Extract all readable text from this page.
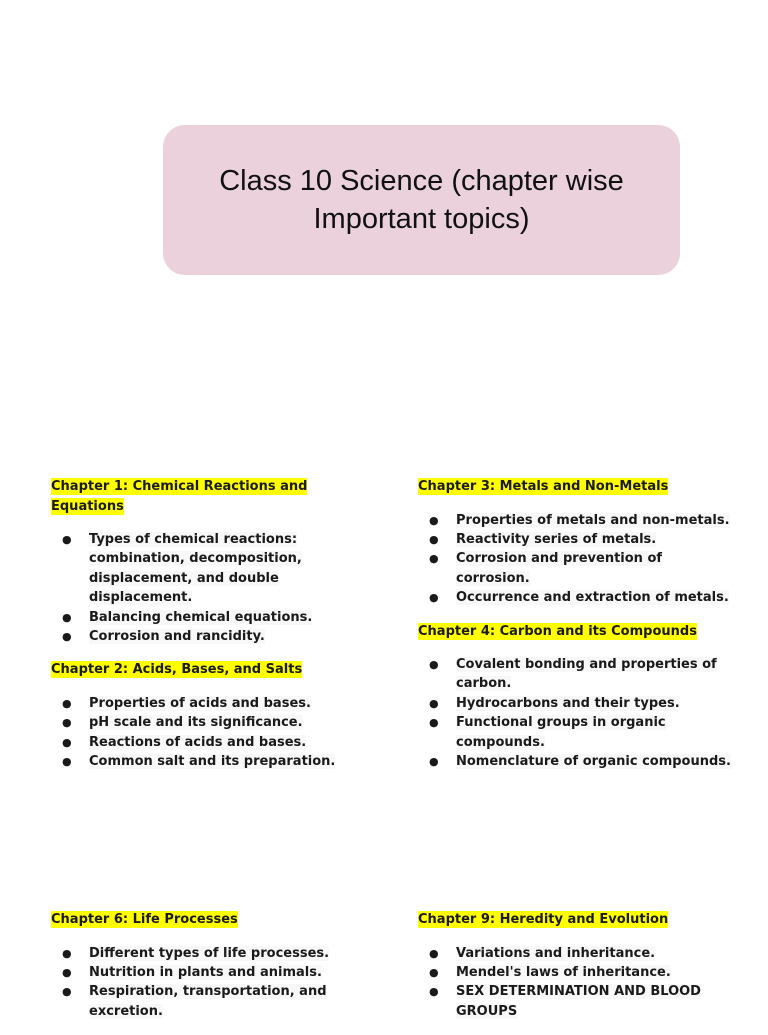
Class 10 Science (chapter wise Important topics)
Chapter 1: Chemical Reactions and Equations
● Types of chemical reactions: combination, decomposition, displacement, and double displacement.
● Balancing chemical equations.
● Corrosion and rancidity.
Chapter 2: Acids, Bases, and Salts
● Properties of acids and bases.
● pH scale and its significance.
● Reactions of acids and bases.
● Common salt and its preparation.
Chapter 3: Metals and Non-Metals
● Properties of metals and non-metals.
● Reactivity series of metals.
● Corrosion and prevention of corrosion.
● Occurrence and extraction of metals.
Chapter 4: Carbon and its Compounds
● Covalent bonding and properties of carbon.
● Hydrocarbons and their types.
● Functional groups in organic compounds.
● Nomenclature of organic compounds.
Chapter 6: Life Processes
● Different types of life processes.
● Nutrition in plants and animals.
● Respiration, transportation, and excretion.
Chapter 9: Heredity and Evolution
● Variations and inheritance.
● Mendel's laws of inheritance.
● SEX DETERMINATION AND BLOOD GROUPS
